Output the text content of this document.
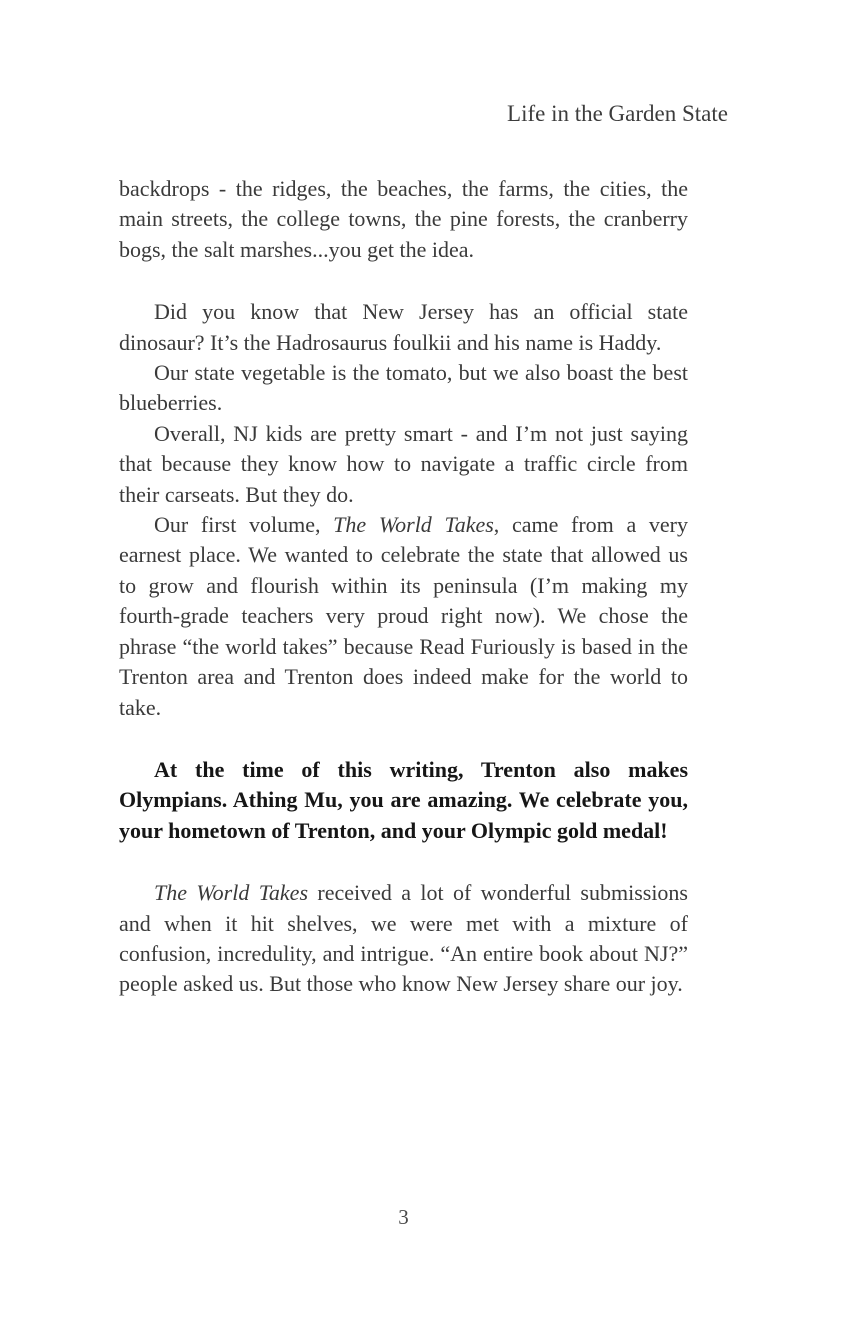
Life in the Garden State

backdrops - the ridges, the beaches, the farms, the cities, the main streets, the college towns, the pine forests, the cranberry bogs, the salt marshes...you get the idea.

Did you know that New Jersey has an official state dinosaur? It’s the Hadrosaurus foulkii and his name is Haddy.

Our state vegetable is the tomato, but we also boast the best blueberries.

Overall, NJ kids are pretty smart - and I’m not just saying that because they know how to navigate a traffic circle from their carseats. But they do.

Our first volume, The World Takes, came from a very earnest place. We wanted to celebrate the state that allowed us to grow and flourish within its peninsula (I’m making my fourth-grade teachers very proud right now). We chose the phrase “the world takes” because Read Furiously is based in the Trenton area and Trenton does indeed make for the world to take.

At the time of this writing, Trenton also makes Olympians. Athing Mu, you are amazing. We celebrate you, your hometown of Trenton, and your Olympic gold medal!

The World Takes received a lot of wonderful submissions and when it hit shelves, we were met with a mixture of confusion, incredulity, and intrigue. “An entire book about NJ?” people asked us. But those who know New Jersey share our joy.

3
